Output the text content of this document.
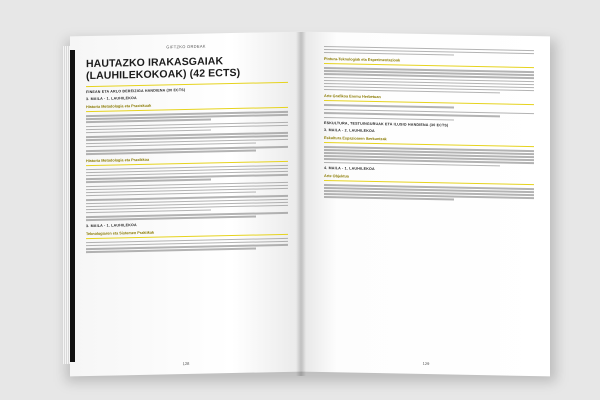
GIFTZKO ORDEAK
HAUTAZKO IRAKASGAIAK (LAUHILEKOKOAK) (42 ECTS)
FINEAN ETA ARLO BEREIZIGA HANDIENA (30 ECTS)
3. MAILA - 1. LAUHILEKOA
Historia Metodologia eta Praxiskuak
Historia Metodologia eta Praxikkoa
3. MAILA - 1. LAUHILEKOA
Teknologiaren eta Sistemen Praktikak
128
Pintura-Teknologiak eta Esperimentazioak
Arte Grafikoa Eremu Herbetuan
ESKULTURA, TESTUINGURUAK ETA ILUSIO HANDIENA (30 ECTS)
3. MAILA - 2. LAUHILEKOA
Eskultura Espazioaren Ikerkuntzak
4. MAILA - 1. LAUHILEKOA
Arte Objektua
129
